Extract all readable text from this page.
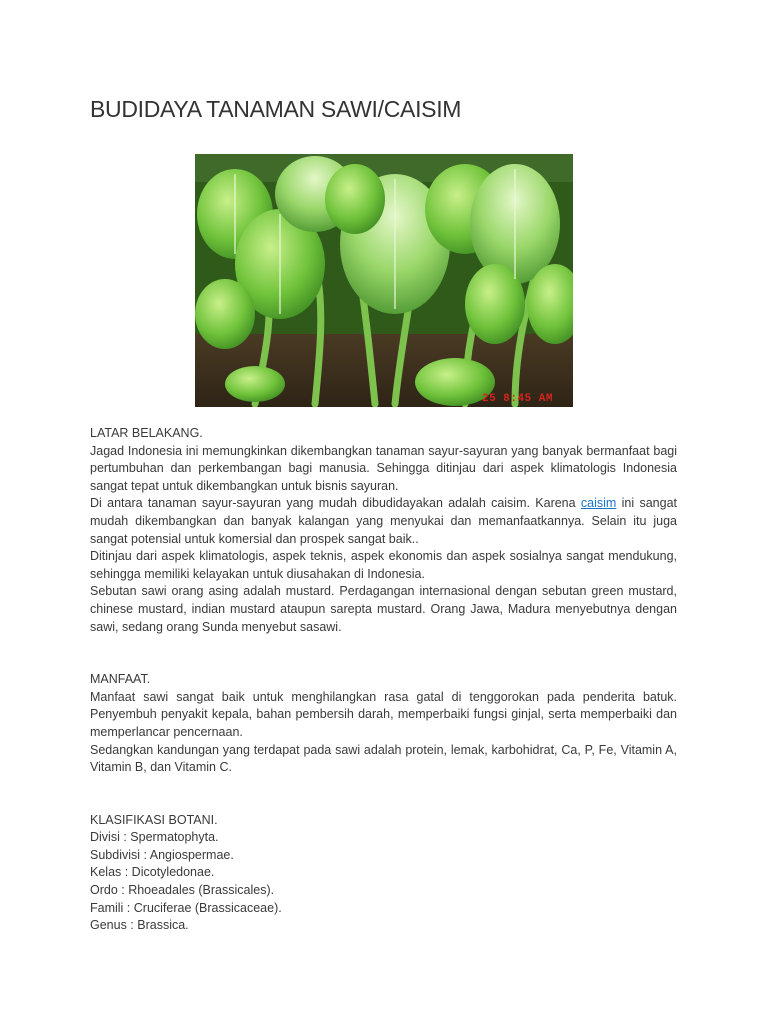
BUDIDAYA TANAMAN SAWI/CAISIM
25 8:45 AM

LATAR BELAKANG.

Jagad Indonesia ini memungkinkan dikembangkan tanaman sayur-sayuran yang banyak bermanfaat bagi pertumbuhan dan perkembangan bagi manusia. Sehingga ditinjau dari aspek klimatologis Indonesia sangat tepat untuk dikembangkan untuk bisnis sayuran.

Di antara tanaman sayur-sayuran yang mudah dibudidayakan adalah caisim. Karena caisim ini sangat mudah dikembangkan dan banyak kalangan yang menyukai dan memanfaatkannya. Selain itu juga sangat potensial untuk komersial dan prospek sangat baik..

Ditinjau dari aspek klimatologis, aspek teknis, aspek ekonomis dan aspek sosialnya sangat mendukung, sehingga memiliki kelayakan untuk diusahakan di Indonesia.

Sebutan sawi orang asing adalah mustard. Perdagangan internasional dengan sebutan green mustard, chinese mustard, indian mustard ataupun sarepta mustard. Orang Jawa, Madura menyebutnya dengan sawi, sedang orang Sunda menyebut sasawi.

MANFAAT.

Manfaat sawi sangat baik untuk menghilangkan rasa gatal di tenggorokan pada penderita batuk. Penyembuh penyakit kepala, bahan pembersih darah, memperbaiki fungsi ginjal, serta memperbaiki dan memperlancar pencernaan.

Sedangkan kandungan yang terdapat pada sawi adalah protein, lemak, karbohidrat, Ca, P, Fe, Vitamin A, Vitamin B, dan Vitamin C.

KLASIFIKASI BOTANI.

Divisi : Spermatophyta.

Subdivisi : Angiospermae.

Kelas : Dicotyledonae.

Ordo : Rhoeadales (Brassicales).

Famili : Cruciferae (Brassicaceae).

Genus : Brassica.
